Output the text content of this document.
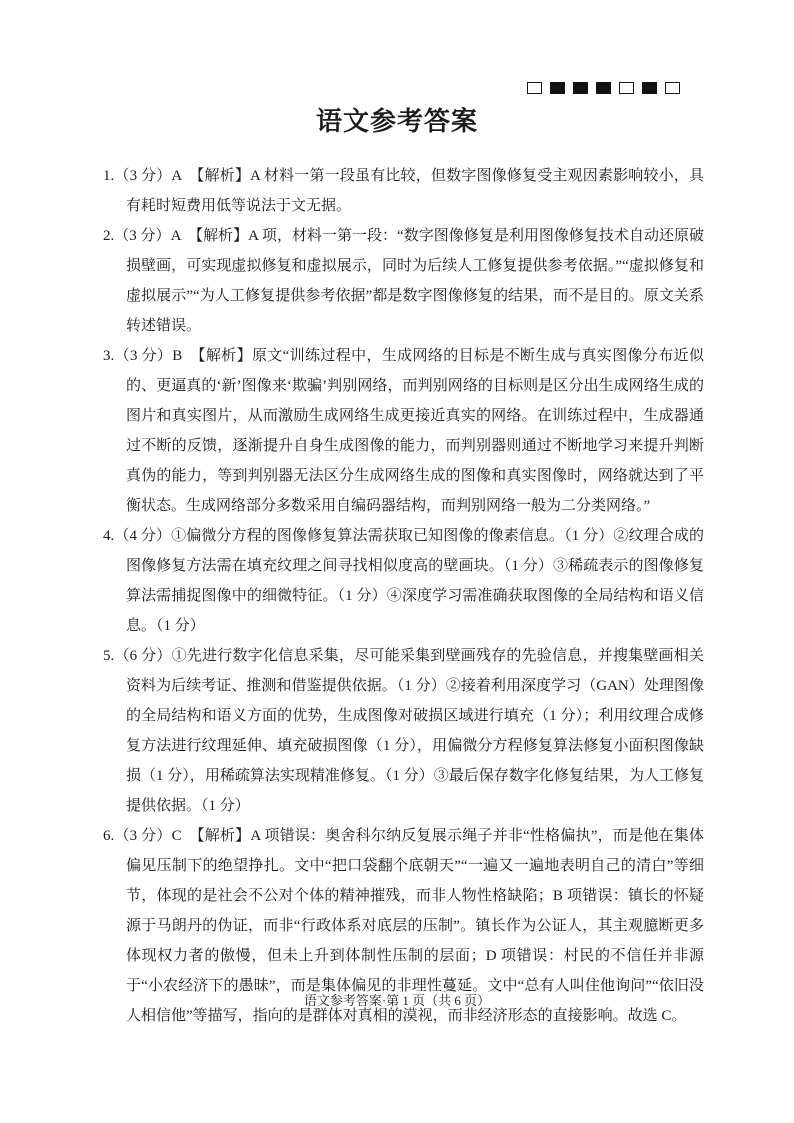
语文参考答案
1.（3 分）A　【解析】A 材料一第一段虽有比较，但数字图像修复受主观因素影响较小，具有耗时短费用低等说法于文无据。
2.（3 分）A　【解析】A 项，材料一第一段：“数字图像修复是利用图像修复技术自动还原破损壁画，可实现虚拟修复和虚拟展示，同时为后续人工修复提供参考依据。”“虚拟修复和虚拟展示”“为人工修复提供参考依据”都是数字图像修复的结果，而不是目的。原文关系转述错误。
3.（3 分）B　【解析】原文“训练过程中，生成网络的目标是不断生成与真实图像分布近似的、更逼真的‘新’图像来‘欺骗’判别网络，而判别网络的目标则是区分出生成网络生成的图片和真实图片，从而激励生成网络生成更接近真实的网络。在训练过程中，生成器通过不断的反馈，逐渐提升自身生成图像的能力，而判别器则通过不断地学习来提升判断真伪的能力，等到判别器无法区分生成网络生成的图像和真实图像时，网络就达到了平衡状态。生成网络部分多数采用自编码器结构，而判别网络一般为二分类网络。”
4.（4 分）①偏微分方程的图像修复算法需获取已知图像的像素信息。（1 分）②纹理合成的图像修复方法需在填充纹理之间寻找相似度高的壁画块。（1 分）③稀疏表示的图像修复算法需捕捉图像中的细微特征。（1 分）④深度学习需准确获取图像的全局结构和语义信息。（1 分）
5.（6 分）①先进行数字化信息采集，尽可能采集到壁画残存的先验信息，并搜集壁画相关资料为后续考证、推测和借鉴提供依据。（1 分）②接着利用深度学习（GAN）处理图像的全局结构和语义方面的优势，生成图像对破损区域进行填充（1 分）；利用纹理合成修复方法进行纹理延伸、填充破损图像（1 分），用偏微分方程修复算法修复小面积图像缺损（1 分），用稀疏算法实现精准修复。（1 分）③最后保存数字化修复结果，为人工修复提供依据。（1 分）
6.（3 分）C　【解析】A 项错误：奥舍科尔纳反复展示绳子并非“性格偏执”，而是他在集体偏见压制下的绝望挣扎。文中“把口袋翻个底朝天”“一遍又一遍地表明自己的清白”等细节，体现的是社会不公对个体的精神摧残，而非人物性格缺陷；B 项错误：镇长的怀疑源于马朗丹的伪证，而非“行政体系对底层的压制”。镇长作为公证人，其主观臆断更多体现权力者的傲慢，但未上升到体制性压制的层面；D 项错误：村民的不信任并非源于“小农经济下的愚昧”，而是集体偏见的非理性蔓延。文中“总有人叫住他询问”“依旧没人相信他”等描写，指向的是群体对真相的漠视，而非经济形态的直接影响。故选 C。
语文参考答案·第 1 页（共 6 页）
